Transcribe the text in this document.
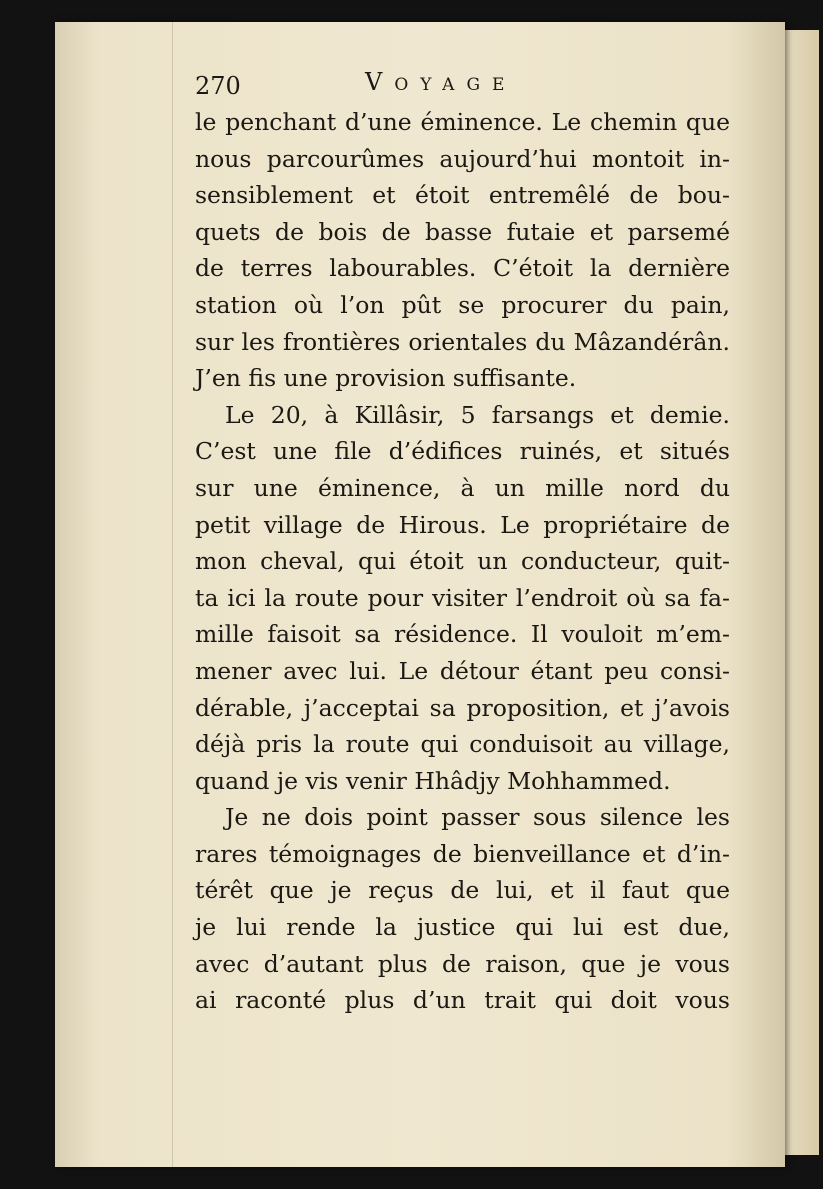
270	Voyage
le penchant d’une éminence. Le chemin que
nous parcourûmes aujourd’hui montoit in-
sensiblement et étoit entremêlé de bou-
quets de bois de basse futaie et parsemé
de terres labourables. C’étoit la dernière
station où l’on pût se procurer du pain,
sur les frontières orientales du Mâzandérân.
J’en fis une provision suffisante.
Le 20, à Killâsir, 5 farsangs et demie.
C’est une file d’édifices ruinés, et situés
sur une éminence, à un mille nord du
petit village de Hirous. Le propriétaire de
mon cheval, qui étoit un conducteur, quit-
ta ici la route pour visiter l’endroit où sa fa-
mille faisoit sa résidence. Il vouloit m’em-
mener avec lui. Le détour étant peu consi-
dérable, j’acceptai sa proposition, et j’avois
déjà pris la route qui conduisoit au village,
quand je vis venir Hhâdjy Mohhammed.
Je ne dois point passer sous silence les
rares témoignages de bienveillance et d’in-
térêt que je reçus de lui, et il faut que
je lui rende la justice qui lui est due,
avec d’autant plus de raison, que je vous
ai raconté plus d’un trait qui doit vous
